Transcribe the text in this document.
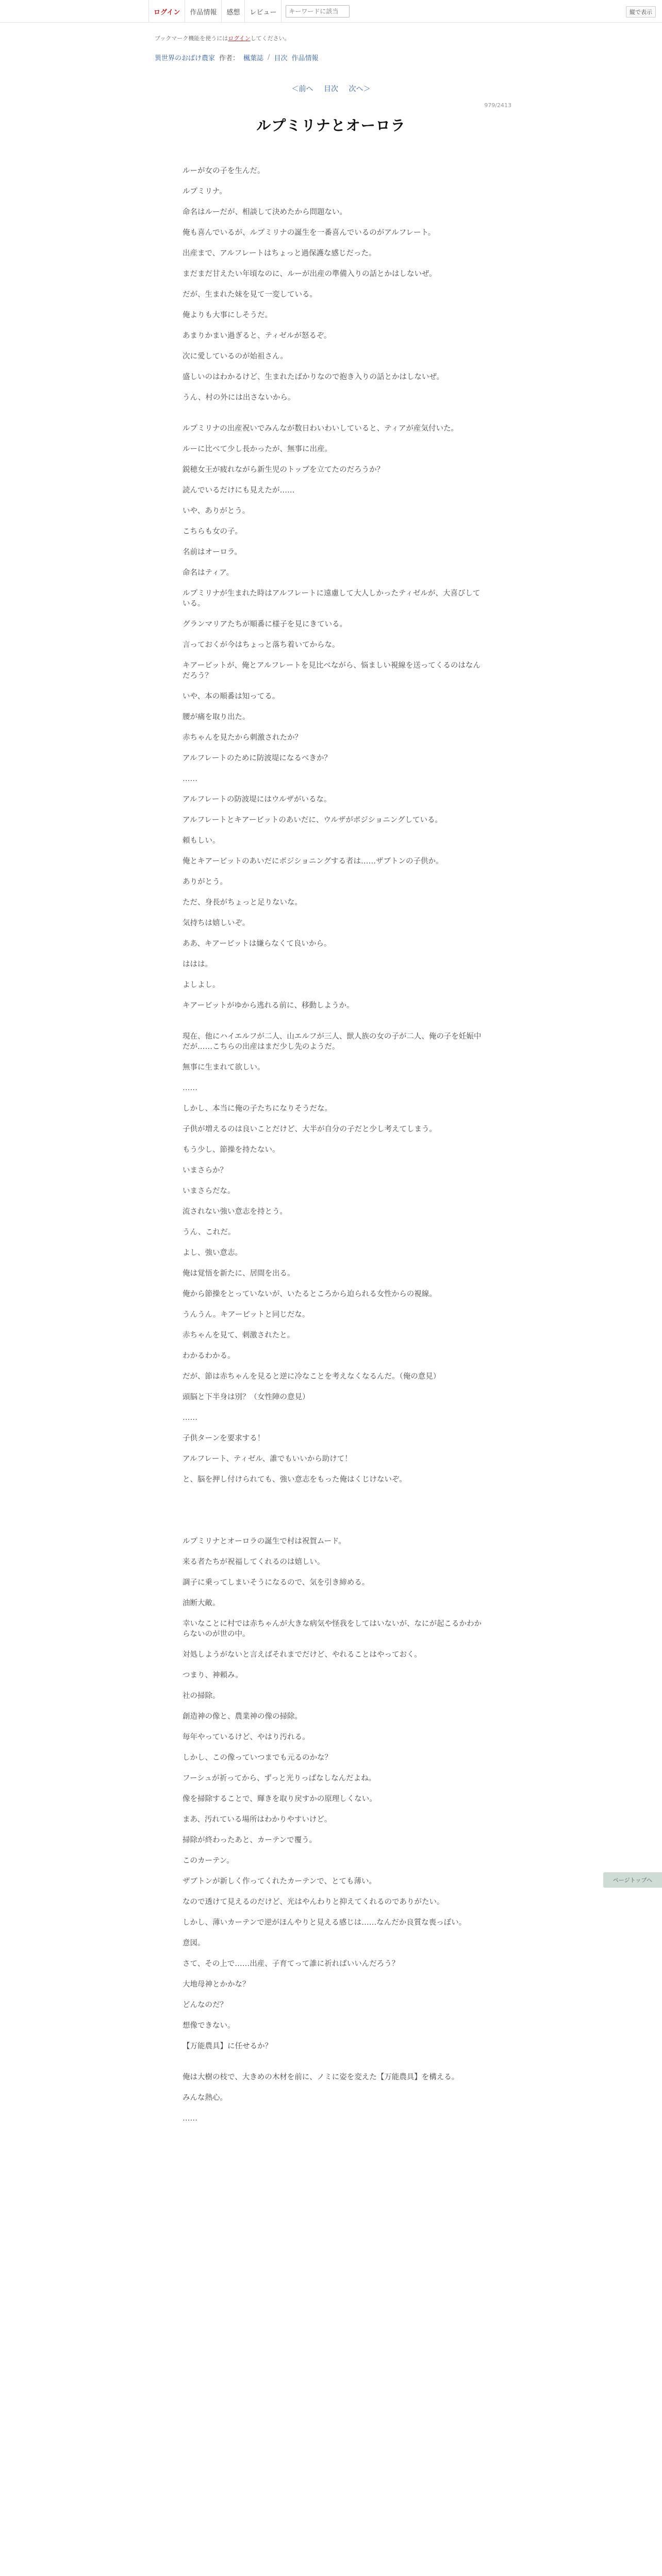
ログイン	作品情報	感想	レビュー
キーワードに該当	縦で表示
ブックマーク機能を使うにはログインしてください。
異世界のおばけ農家 作者： 楓葉誌 / 目次 作品情報
＜前へ 目次 次へ＞
979/2413
ルプミリナとオーロラ

ルーが女の子を生んだ。

ルプミリナ。

命名はルーだが、相談して決めたから問題ない。

俺も喜んでいるが、ルプミリナの誕生を一番喜んでいるのがアルフレート。

出産まで、アルフレートはちょっと過保護な感じだった。

まだまだ甘えたい年頃なのに、ルーが出産の準備入りの話とかはしないぜ。

だが、生まれた妹を見て一変している。

俺よりも大事にしそうだ。

あまりかまい過ぎると、ティゼルが怒るぞ。

次に愛しているのが始祖さん。

盛しいのはわかるけど、生まれたばかりなので抱き入りの話とかはしないぜ。

うん、村の外には出さないから。

ルプミリナの出産祝いでみんなが数日わいわいしていると、ティアが産気付いた。

ルーに比べて少し長かったが、無事に出産。

鋭穂女王が疲れながら新生児のトップを立てたのだろうか？

読んでいるだけにも見えたが……

いや、ありがとう。

こちらも女の子。

名前はオーロラ。

命名はティア。

ルプミリナが生まれた時はアルフレートに遠慮して大人しかったティゼルが、大喜びしている。

グランマリアたちが順番に様子を見にきている。

言っておくが今はちょっと落ち着いてからな。

キアービットが、俺とアルフレートを見比べながら、悩ましい視線を送ってくるのはなんだろう？

いや、本の順番は知ってる。

腰が痛を取り出た。

赤ちゃんを見たから刺激されたか？

アルフレートのために防波堤になるべきか？

……

アルフレートの防波堤にはウルザがいるな。

アルフレートとキアービットのあいだに、ウルザがポジショニングしている。

頼もしい。

俺とキアービットのあいだにポジショニングする者は……ザブトンの子供か。

ありがとう。

ただ、身長がちょっと足りないな。

気持ちは嬉しいぞ。

ああ、キアービットは嫌らなくて良いから。

ははは。

よしよし。

キアービットがゆから逃れる前に、移動しようか。

現在、他にハイエルフが二人、山エルフが三人、獣人族の女の子が二人、俺の子を妊娠中だが……こちらの出産はまだ少し先のようだ。

無事に生まれて欲しい。

……

しかし、本当に俺の子たちになりそうだな。

子供が増えるのは良いことだけど、大半が自分の子だと少し考えてしまう。

もう少し、節操を持たない。

いまさらか？

いまさらだな。

流されない強い意志を持とう。

うん、これだ。

よし、強い意志。

俺は覚悟を新たに、居間を出る。

俺から節操をとっていないが、いたるところから迫られる女性からの視線。

うんうん。キアービットと同じだな。

赤ちゃんを見て、刺激されたと。

わかるわかる。

だが、節は赤ちゃんを見ると逆に冷なことを考えなくなるんだ。（俺の意見）

頭脳と下半身は別？（女性陣の意見）

……

子供ターンを要求する！

アルフレート、ティゼル、誰でもいいから助けて！

と、脳を押し付けられても、強い意志をもった俺はくじけないぞ。

ルプミリナとオーロラの誕生で村は祝賀ムード。

来る者たちが祝福してくれるのは嬉しい。

調子に乗ってしまいそうになるので、気を引き締める。

油断大敵。

幸いなことに村では赤ちゃんが大きな病気や怪我をしてはいないが、なにが起こるかわからないのが世の中。

対処しようがないと言えばそれまでだけど、やれることはやっておく。

つまり、神頼み。

社の掃除。

創造神の像と、農業神の像の掃除。

毎年やっているけど、やはり汚れる。

しかし、この像っていつまでも元るのかな？

フーシュが祈ってから、ずっと光りっぱなしなんだよね。

像を掃除することで、輝きを取り戻すかの原理しくない。

まあ、汚れている場所はわかりやすいけど。

掃除が終わったあと、カーテンで覆う。

このカーテン。

ザブトンが新しく作ってくれたカーテンで、とても薄い。

なので透けて見えるのだけど、光はやんわりと抑えてくれるのでありがたい。

しかし、薄いカーテンで逆がほんやりと見える感じは……なんだか良質な喪っぽい。

意図。

さて、その上で……出産、子育てって誰に祈ればいいんだろう？

大地母神とかかな？

どんなのだ？

想像できない。

【万能農具】に任せるか？

俺は大樹の枝で、大きめの木材を前に、ノミに姿を変えた【万能農具】を構える。

みんな熱心。

……

ページトップへ
